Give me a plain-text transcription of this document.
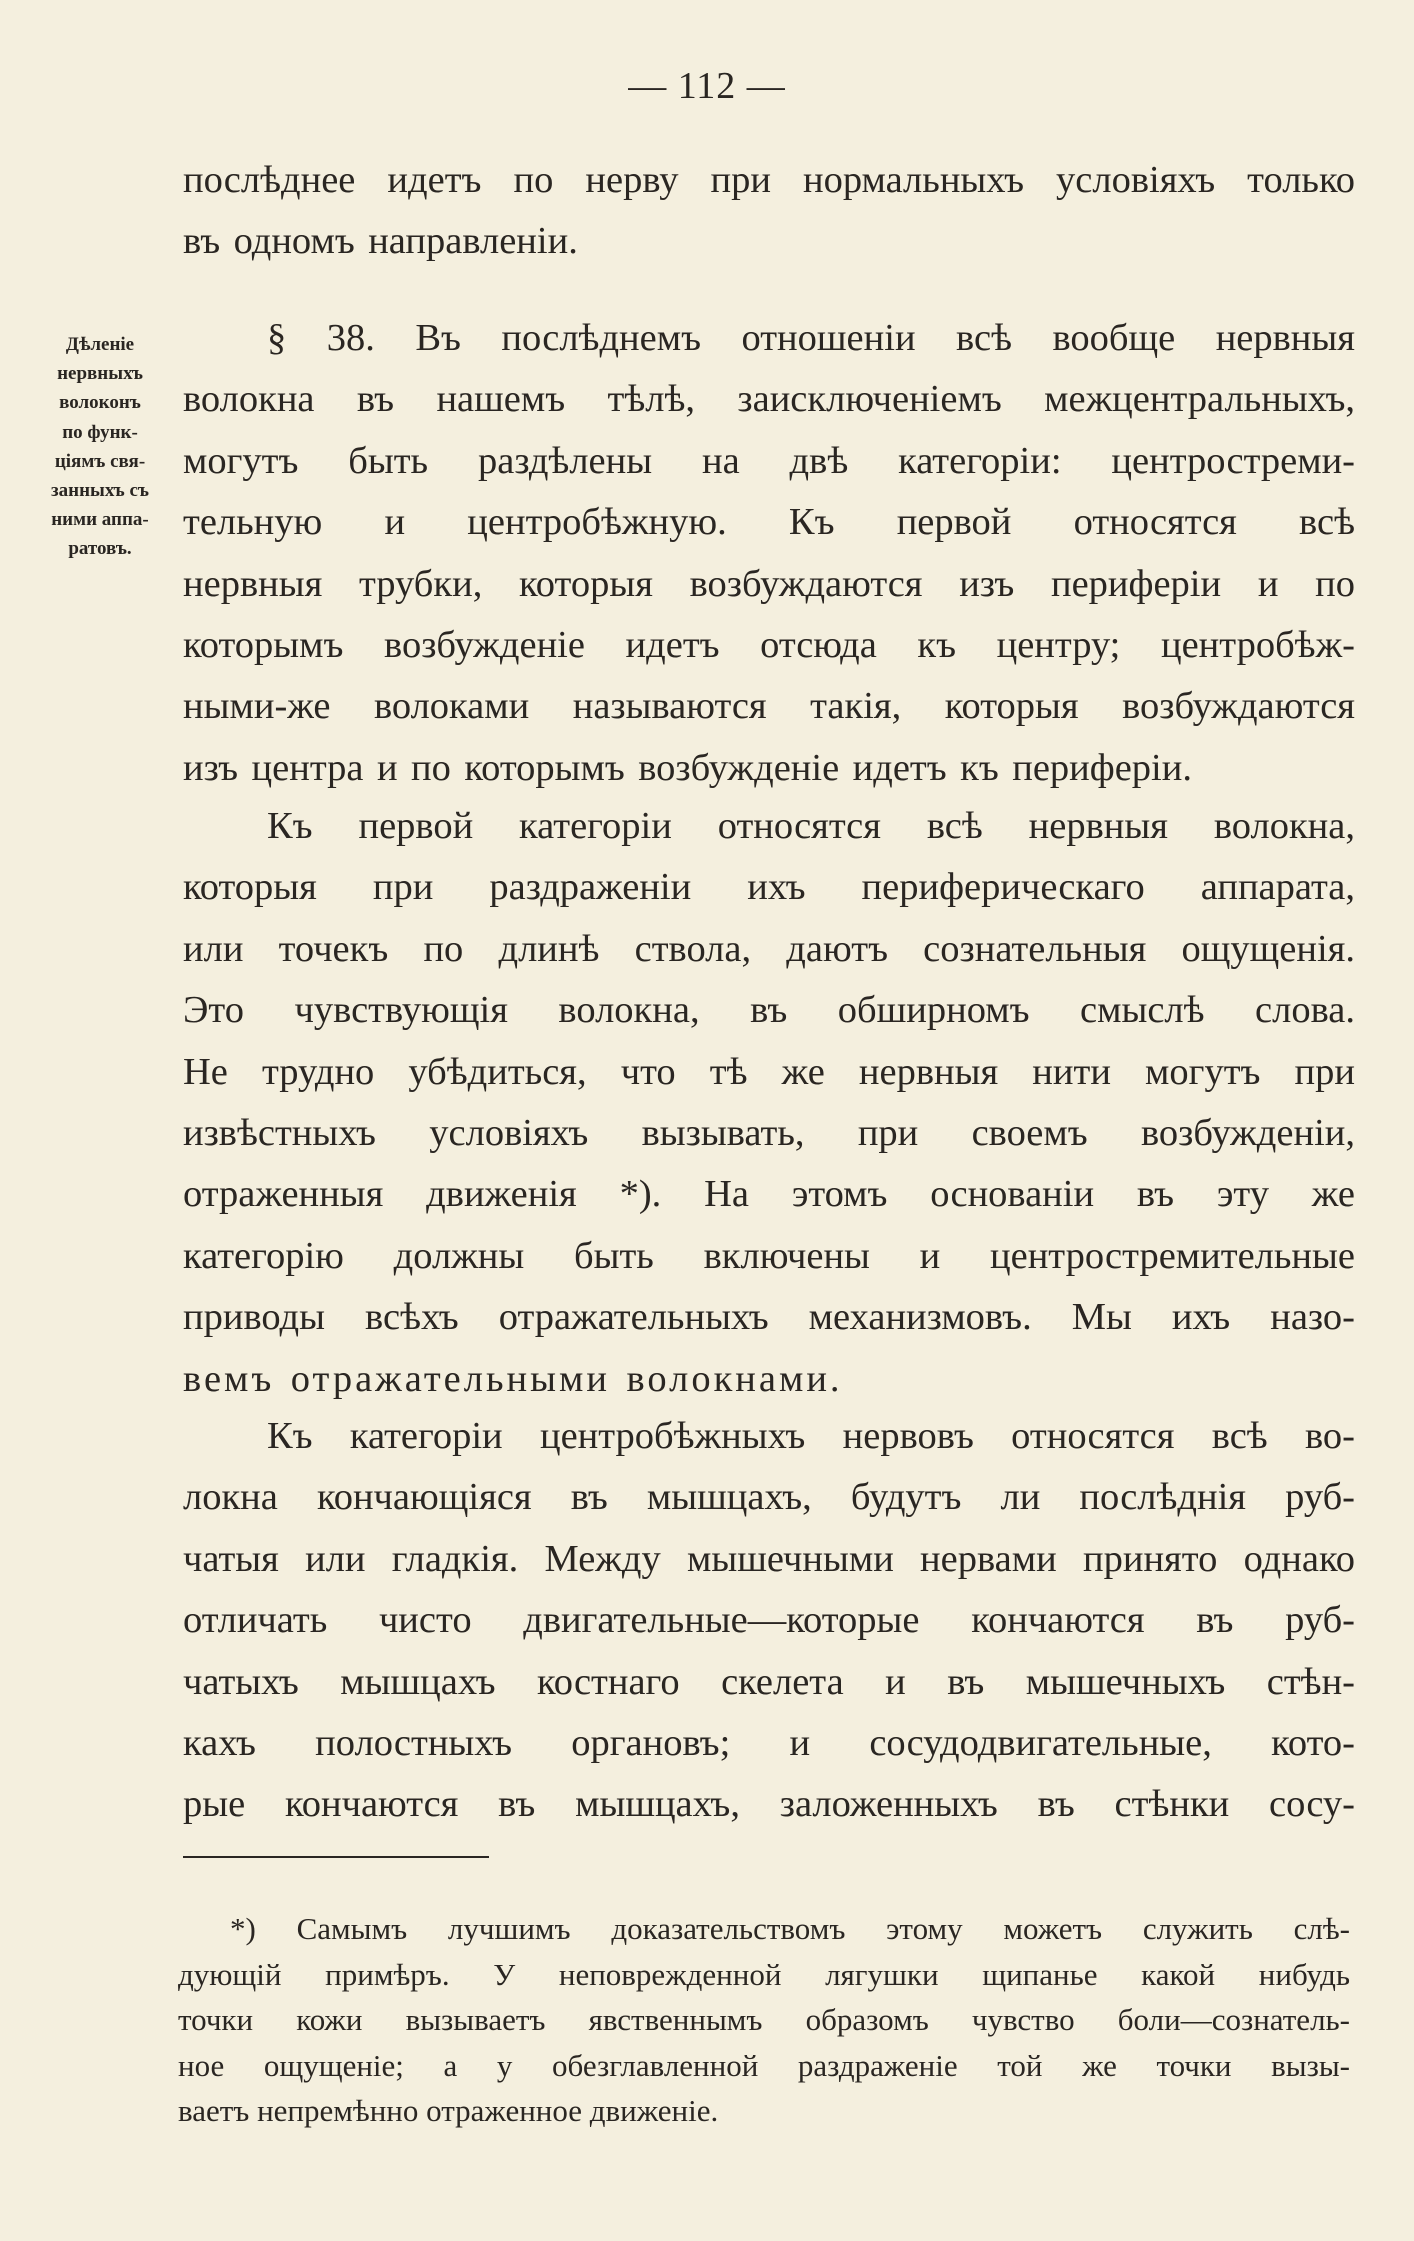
— 112 —
Дѣленіе
нервныхъ
волоконъ
по функ-
ціямъ свя-
занныхъ съ
ними аппа-
ратовъ.
послѣднее идетъ по нерву при нормальныхъ условіяхъ только
въ одномъ направленіи.
§ 38. Въ послѣднемъ отношеніи всѣ вообще нервныя
волокна въ нашемъ тѣлѣ, заисключеніемъ межцентральныхъ,
могутъ быть раздѣлены на двѣ категоріи: центростреми-
тельную и центробѣжную. Къ первой относятся всѣ
нервныя трубки, которыя возбуждаются изъ периферіи и по
которымъ возбужденіе идетъ отсюда къ центру; центробѣж-
ными-же волоками называются такія, которыя возбуждаются
изъ центра и по которымъ возбужденіе идетъ къ периферіи.
Къ первой категоріи относятся всѣ нервныя волокна,
которыя при раздраженіи ихъ периферическаго аппарата,
или точекъ по длинѣ ствола, даютъ сознательныя ощущенія.
Это чувствующія волокна, въ обширномъ смыслѣ слова.
Не трудно убѣдиться, что тѣ же нервныя нити могутъ при
извѣстныхъ условіяхъ вызывать, при своемъ возбужденіи,
отраженныя движенія *). На этомъ основаніи въ эту же
категорію должны быть включены и центростремительные
приводы всѣхъ отражательныхъ механизмовъ. Мы ихъ назо-
вемъ отражательными волокнами.
Къ категоріи центробѣжныхъ нервовъ относятся всѣ во-
локна кончающіяся въ мышцахъ, будутъ ли послѣднія руб-
чатыя или гладкія. Между мышечными нервами принято однако
отличать чисто двигательные—которые кончаются въ руб-
чатыхъ мышцахъ костнаго скелета и въ мышечныхъ стѣн-
кахъ полостныхъ органовъ; и сосудодвигательные, кото-
рые кончаются въ мышцахъ, заложенныхъ въ стѣнки сосу-
*) Самымъ лучшимъ доказательствомъ этому можетъ служить слѣ-
дующій примѣръ. У неповрежденной лягушки щипанье какой нибудь
точки кожи вызываетъ явственнымъ образомъ чувство боли—сознатель-
ное ощущеніе; а у обезглавленной раздраженіе той же точки вызы-
ваетъ непремѣнно отраженное движеніе.
